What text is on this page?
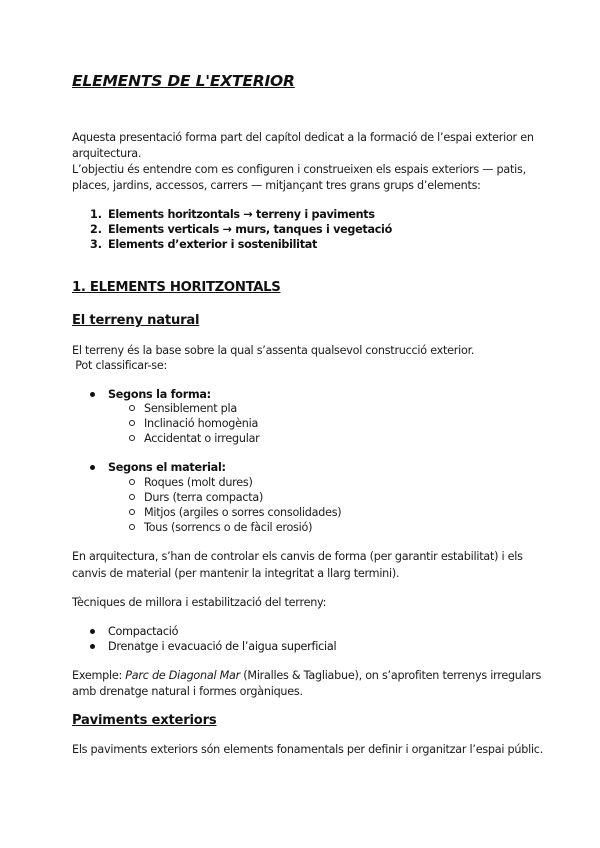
ELEMENTS DE L'EXTERIOR

Aquesta presentació forma part del capítol dedicat a la formació de l’espai exterior en

arquitectura.

L’objectiu és entendre com es configuren i construeixen els espais exteriors — patis,

places, jardins, accessos, carrers — mitjançant tres grans grups d’elements:

1. Elements horitzontals → terreny i paviments
2. Elements verticals → murs, tanques i vegetació
3. Elements d’exterior i sostenibilitat
1. ELEMENTS HORITZONTALS
El terreny natural

El terreny és la base sobre la qual s’assenta qualsevol construcció exterior.

Pot classificar-se:

Segons la forma:
Sensiblement pla
Inclinació homogènia
Accidentat o irregular
Segons el material:
Roques (molt dures)
Durs (terra compacta)
Mitjos (argiles o sorres consolidades)
Tous (sorrencs o de fàcil erosió)

En arquitectura, s’han de controlar els canvis de forma (per garantir estabilitat) i els

canvis de material (per mantenir la integritat a llarg termini).

Tècniques de millora i estabilització del terreny:

Compactació
Drenatge i evacuació de l’aigua superficial

Exemple: Parc de Diagonal Mar (Miralles & Tagliabue), on s’aprofiten terrenys irregulars

amb drenatge natural i formes orgàniques.

Paviments exteriors

Els paviments exteriors són elements fonamentals per definir i organitzar l’espai públic.
